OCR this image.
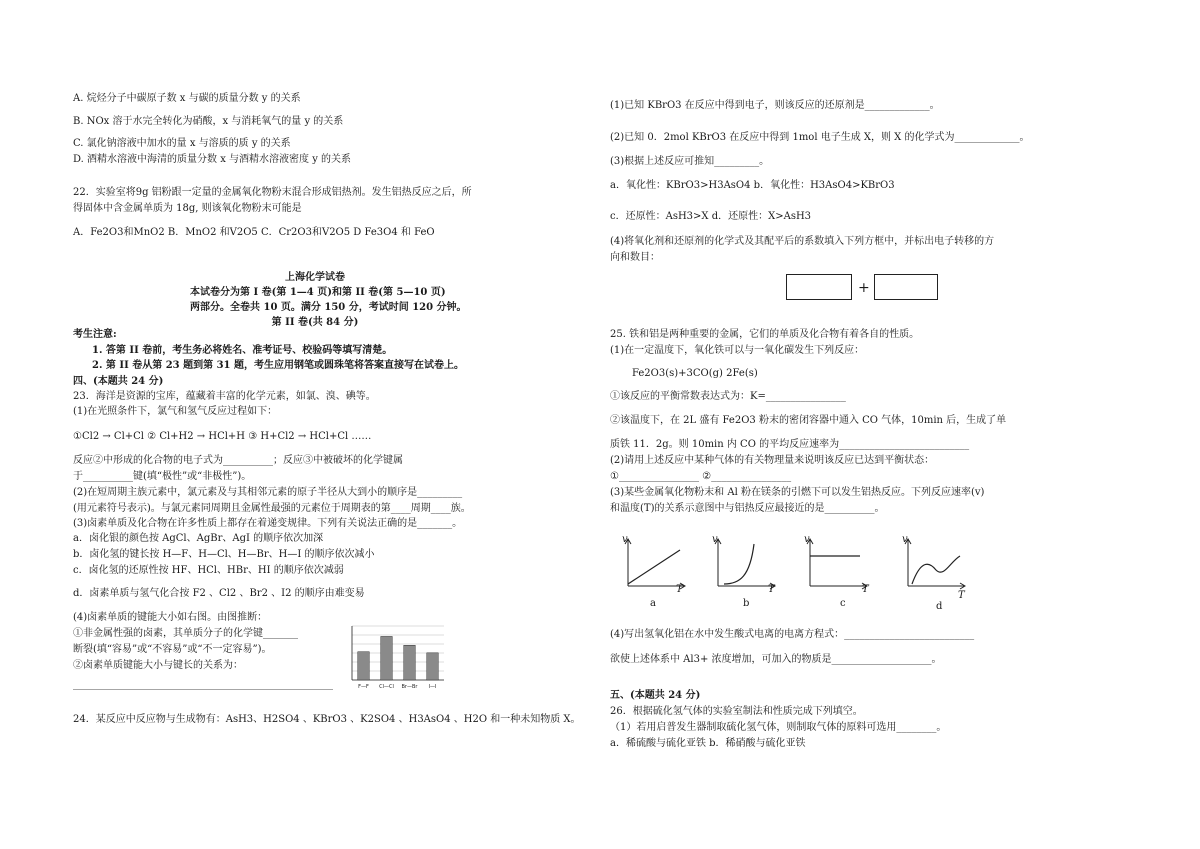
A. 烷烃分子中碳原子数 x 与碳的质量分数 y 的关系
B. NOx 溶于水完全转化为硝酸，x 与消耗氧气的量 y 的关系
C. 氯化钠溶液中加水的量 x 与溶质的质 y 的关系
D. 酒精水溶液中海清的质量分数 x 与酒精水溶液密度 y 的关系
22．实验室将9g 铝粉跟一定量的金属氧化物粉末混合形成铝热剂。发生铝热反应之后，所
得固体中含金属单质为 18g, 则该氧化物粉末可能是
A．Fe2O3和MnO2 B．MnO2 和V2O5 C．Cr2O3和V2O5 D Fe3O4 和 FeO
上海化学试卷
本试卷分为第 I 卷(第 1—4 页)和第 II 卷(第 5—10 页)
两部分。全卷共 10 页。满分 150 分，考试时间 120 分钟。
第 II 卷(共 84 分)
考生注意:
1. 答第 II 卷前，考生务必将姓名、准考证号、校验码等填写清楚。
2. 第 II 卷从第 23 题到第 31 题，考生应用钢笔或圆珠笔将答案直接写在试卷上。
四、(本题共 24 分)
23．海洋是资源的宝库，蕴藏着丰富的化学元素，如氯、溴、碘等。
(1)在光照条件下，氯气和氢气反应过程如下：
①Cl2 → Cl+Cl ② Cl+H2 → HCl+H ③ H+Cl2 → HCl+Cl ……
反应②中形成的化合物的电子式为__________；反应③中被破坏的化学键属
于__________键(填“极性”或“非极性”)。
(2)在短周期主族元素中，氯元素及与其相邻元素的原子半径从大到小的顺序是_________
(用元素符号表示)。与氯元素同周期且金属性最强的元素位于周期表的第____周期____族。
(3)卤素单质及化合物在许多性质上都存在着递变规律。下列有关说法正确的是_______。
a．卤化银的颜色按 AgCl、AgBr、AgI 的顺序依次加深
b．卤化氢的键长按 H—F、H—Cl、H—Br、H—I 的顺序依次减小
c．卤化氢的还原性按 HF、HCl、HBr、HI 的顺序依次减弱
d．卤素单质与氢气化合按 F2 、Cl2 、Br2 、I2 的顺序由难变易
(4)卤素单质的键能大小如右图。由图推断：
①非金属性强的卤素，其单质分子的化学键_______
断裂(填“容易”或“不容易”或“不一定容易”)。
②卤素单质键能大小与键长的关系为：
____________________________________________________
24．某反应中反应物与生成物有：AsH3、H2SO4 、KBrO3 、K2SO4 、H3AsO4 、H2O 和一种未知物质 X。
F—F Cl—Cl Br—Br I—I
(1)已知 KBrO3 在反应中得到电子，则该反应的还原剂是_____________。
(2)已知 0．2mol KBrO3 在反应中得到 1mol 电子生成 X，则 X 的化学式为_____________。
(3)根据上述反应可推知_________。
a．氧化性：KBrO3>H3AsO4 b．氧化性：H3AsO4>KBrO3
c．还原性：AsH3>X d．还原性：X>AsH3
(4)将氧化剂和还原剂的化学式及其配平后的系数填入下列方框中，并标出电子转移的方
向和数目：
+
25. 铁和铝是两种重要的金属，它们的单质及化合物有着各自的性质。
(1)在一定温度下，氧化铁可以与一氧化碳发生下列反应：
Fe2O3(s)+3CO(g) 2Fe(s)
①该反应的平衡常数表达式为：K=________________
②该温度下，在 2L 盛有 Fe2O3 粉末的密闭容器中通入 CO 气体，10min 后，生成了单
质铁 11．2g。则 10min 内 CO 的平均反应速率为__________________________
(2)请用上述反应中某种气体的有关物理量来说明该反应已达到平衡状态：
①________________ ②________________
(3)某些金属氧化物粉末和 Al 粉在镁条的引燃下可以发生铝热反应。下列反应速率(v)
和温度(T)的关系示意图中与铝热反应最接近的是__________。
v	v	v	v
T	T	T
T
a	b	c	d
(4)写出氢氧化铝在水中发生酸式电离的电离方程式：__________________________
欲使上述体系中 Al3+ 浓度增加，可加入的物质是____________________。
五、(本题共 24 分)
26．根据硫化氢气体的实验室制法和性质完成下列填空。
（1）若用启普发生器制取硫化氢气体，则制取气体的原料可选用________。
a．稀硫酸与硫化亚铁 b．稀硝酸与硫化亚铁
